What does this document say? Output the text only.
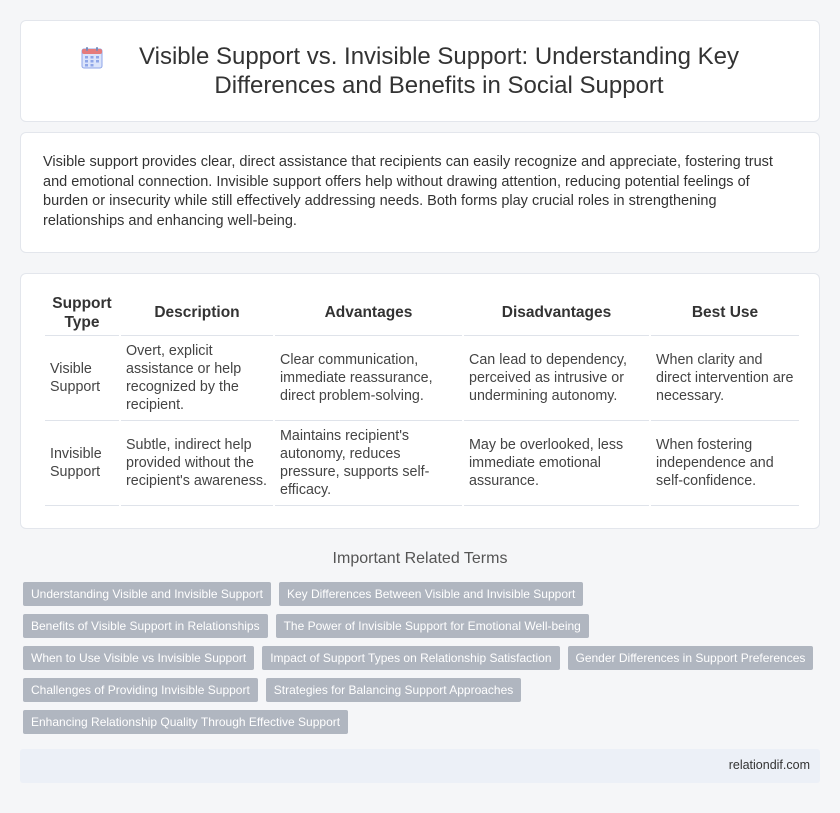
Visible Support vs. Invisible Support: Understanding Key Differences and Benefits in Social Support

Visible support provides clear, direct assistance that recipients can easily recognize and appreciate, fostering trust and emotional connection. Invisible support offers help without drawing attention, reducing potential feelings of burden or insecurity while still effectively addressing needs. Both forms play crucial roles in strengthening relationships and enhancing well-being.

Support Type	Description	Advantages	Disadvantages	Best Use
Visible Support	Overt, explicit assistance or help recognized by the recipient.	Clear communication, immediate reassurance, direct problem-solving.	Can lead to dependency, perceived as intrusive or undermining autonomy.	When clarity and direct intervention are necessary.
Invisible Support	Subtle, indirect help provided without the recipient's awareness.	Maintains recipient's autonomy, reduces pressure, supports self-efficacy.	May be overlooked, less immediate emotional assurance.	When fostering independence and self-confidence.
Important Related Terms
Understanding Visible and Invisible Support	Key Differences Between Visible and Invisible Support
Benefits of Visible Support in Relationships	The Power of Invisible Support for Emotional Well-being
When to Use Visible vs Invisible Support	Impact of Support Types on Relationship Satisfaction	Gender Differences in Support Preferences
Challenges of Providing Invisible Support	Strategies for Balancing Support Approaches
Enhancing Relationship Quality Through Effective Support
relationdif.com
